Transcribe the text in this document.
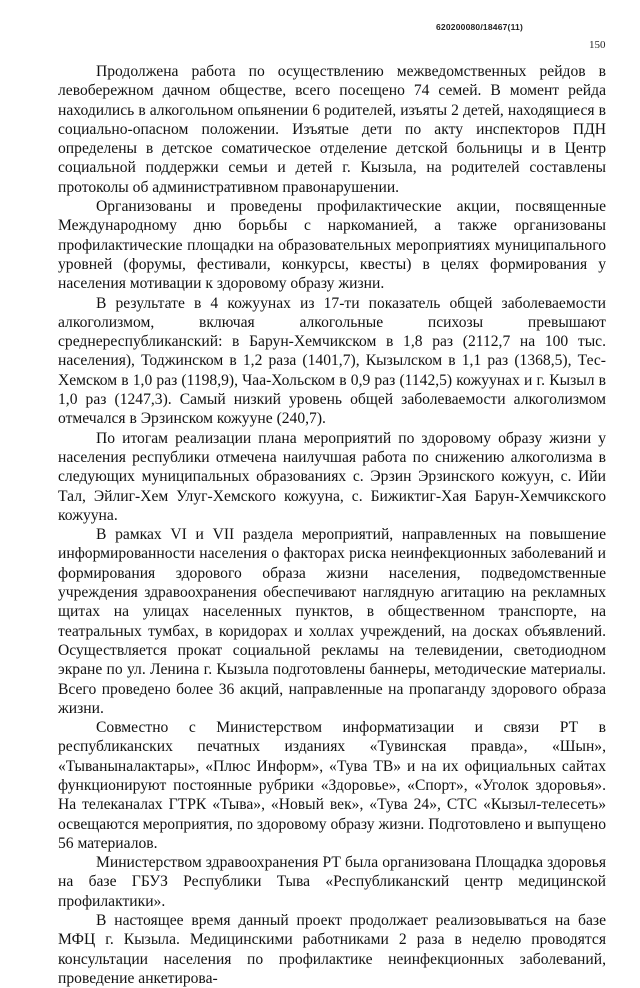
620200080/18467(11)
150

Продолжена работа по осуществлению межведомственных рейдов в левобережном дачном обществе, всего посещено 74 семей. В момент рейда находились в алкогольном опьянении 6 родителей, изъяты 2 детей, находящиеся в социально-опасном положении. Изъятые дети по акту инспекторов ПДН определены в детское соматическое отделение детской больницы и в Центр социальной поддержки семьи и детей г. Кызыла, на родителей составлены протоколы об административном правонарушении.

Организованы и проведены профилактические акции, посвященные Международному дню борьбы с наркоманией, а также организованы профилактические площадки на образовательных мероприятиях муниципального уровней (форумы, фестивали, конкурсы, квесты) в целях формирования у населения мотивации к здоровому образу жизни.

В результате в 4 кожуунах из 17-ти показатель общей заболеваемости алкоголизмом, включая алкогольные психозы превышают среднереспубликанский: в Барун-Хемчикском в 1,8 раз (2112,7 на 100 тыс. населения), Тоджинском в 1,2 раза (1401,7), Кызылском в 1,1 раз (1368,5), Тес-Хемском в 1,0 раз (1198,9), Чаа-Хольском в 0,9 раз (1142,5) кожуунах и г. Кызыл в 1,0 раз (1247,3). Самый низкий уровень общей заболеваемости алкоголизмом отмечался в Эрзинском кожууне (240,7).

По итогам реализации плана мероприятий по здоровому образу жизни у населения республики отмечена наилучшая работа по снижению алкоголизма в следующих муниципальных образованиях с. Эрзин Эрзинского кожуун, с. Ийи Тал, Эйлиг-Хем Улуг-Хемского кожууна, с. Бижиктиг-Хая Барун-Хемчикского кожууна.

В рамках VI и VII раздела мероприятий, направленных на повышение информированности населения о факторах риска неинфекционных заболеваний и формирования здорового образа жизни населения, подведомственные учреждения здравоохранения обеспечивают наглядную агитацию на рекламных щитах на улицах населенных пунктов, в общественном транспорте, на театральных тумбах, в коридорах и холлах учреждений, на досках объявлений. Осуществляется прокат социальной рекламы на телевидении, светодиодном экране по ул. Ленина г. Кызыла подготовлены баннеры, методические материалы. Всего проведено более 36 акций, направленные на пропаганду здорового образа жизни.

Совместно с Министерством информатизации и связи РТ в республиканских печатных изданиях «Тувинская правда», «Шын», «Тываныналактары», «Плюс Информ», «Тува ТВ» и на их официальных сайтах функционируют постоянные рубрики «Здоровье», «Спорт», «Уголок здоровья». На телеканалах ГТРК «Тыва», «Новый век», «Тува 24», СТС «Кызыл-телесеть» освещаются мероприятия, по здоровому образу жизни. Подготовлено и выпущено 56 материалов.

Министерством здравоохранения РТ была организована Площадка здоровья на базе ГБУЗ Республики Тыва «Республиканский центр медицинской профилактики».

В настоящее время данный проект продолжает реализовываться на базе МФЦ г. Кызыла. Медицинскими работниками 2 раза в неделю проводятся консультации населения по профилактике неинфекционных заболеваний, проведение анкетирова-
